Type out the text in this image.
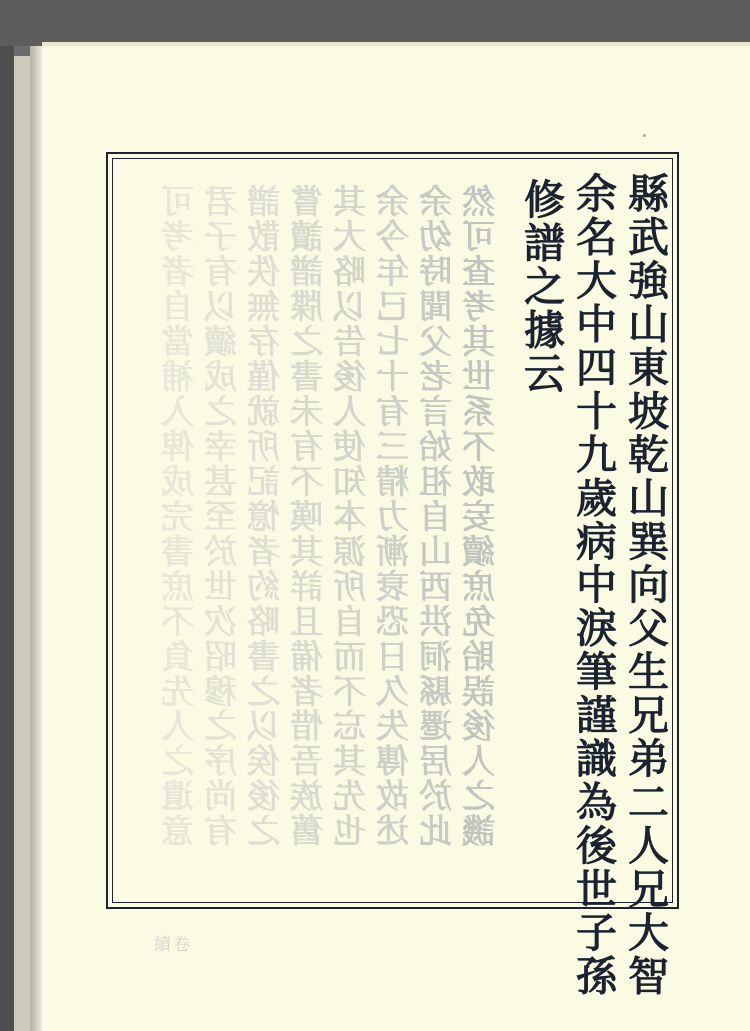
縣武強山東坡乾山巽向父生兄弟二人兄大智
余名大中四十九歲病中淚筆謹識為後世子孫
修譜之據云
然可查考其世系不敢妄續庶免貽誤後人之譏
余幼時聞父老言始祖自山西洪洞縣遷居於此
余今年已七十有三精力漸衰恐日久失傳故述
其大略以告後人使知本源所自而不忘其先也
嘗讀譜牒之書未有不嘆其詳且備者惜吾族舊
譜散佚無存僅就所記憶者約略書之以俟後之
君子有以續成之幸甚至於世次昭穆之序尚有
可考者自當補入俾成完書庶不負先人之遺意
續卷
